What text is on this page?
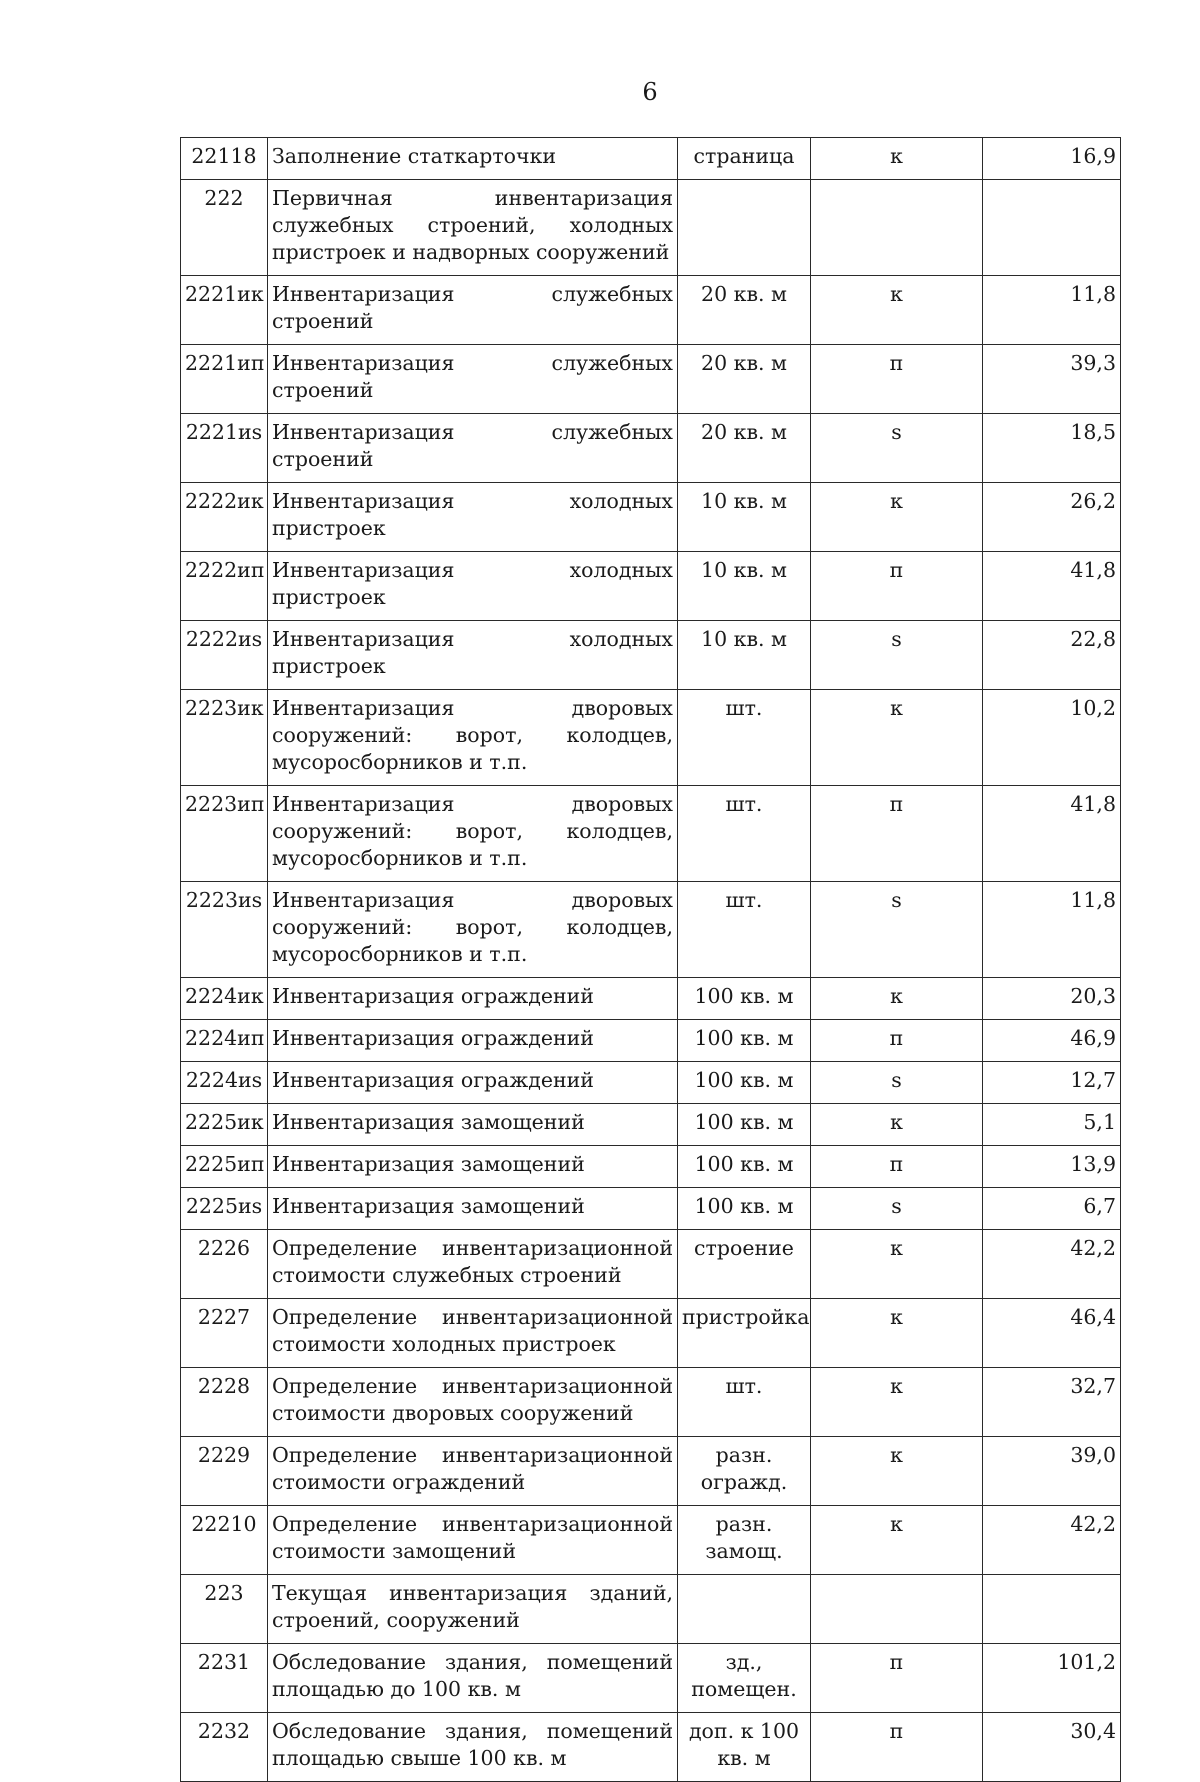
6
22118	Заполнение статкарточки	страница	к	16,9
222	Первичная инвентаризация служебных строений, холодных пристроек и надворных сооружений			
2221ик	Инвентаризация служебных строений	20 кв. м	к	11,8
2221ип	Инвентаризация служебных строений	20 кв. м	п	39,3
2221иs	Инвентаризация служебных строений	20 кв. м	s	18,5
2222ик	Инвентаризация холодных пристроек	10 кв. м	к	26,2
2222ип	Инвентаризация холодных пристроек	10 кв. м	п	41,8
2222иs	Инвентаризация холодных пристроек	10 кв. м	s	22,8
2223ик	Инвентаризация дворовых сооружений: ворот, колодцев, мусоросборников и т.п.	шт.	к	10,2
2223ип	Инвентаризация дворовых сооружений: ворот, колодцев, мусоросборников и т.п.	шт.	п	41,8
2223иs	Инвентаризация дворовых сооружений: ворот, колодцев, мусоросборников и т.п.	шт.	s	11,8
2224ик	Инвентаризация ограждений	100 кв. м	к	20,3
2224ип	Инвентаризация ограждений	100 кв. м	п	46,9
2224иs	Инвентаризация ограждений	100 кв. м	s	12,7
2225ик	Инвентаризация замощений	100 кв. м	к	5,1
2225ип	Инвентаризация замощений	100 кв. м	п	13,9
2225иs	Инвентаризация замощений	100 кв. м	s	6,7
2226	Определение инвентаризационной стоимости служебных строений	строение	к	42,2
2227	Определение инвентаризационной стоимости холодных пристроек	пристройка	к	46,4
2228	Определение инвентаризационной стоимости дворовых сооружений	шт.	к	32,7
2229	Определение инвентаризационной стоимости ограждений	разн. огражд.	к	39,0
22210	Определение инвентаризационной стоимости замощений	разн. замощ.	к	42,2
223	Текущая инвентаризация зданий, строений, сооружений			
2231	Обследование здания, помещений площадью до 100 кв. м	зд., помещен.	п	101,2
2232	Обследование здания, помещений площадью свыше 100 кв. м	доп. к 100 кв. м	п	30,4
